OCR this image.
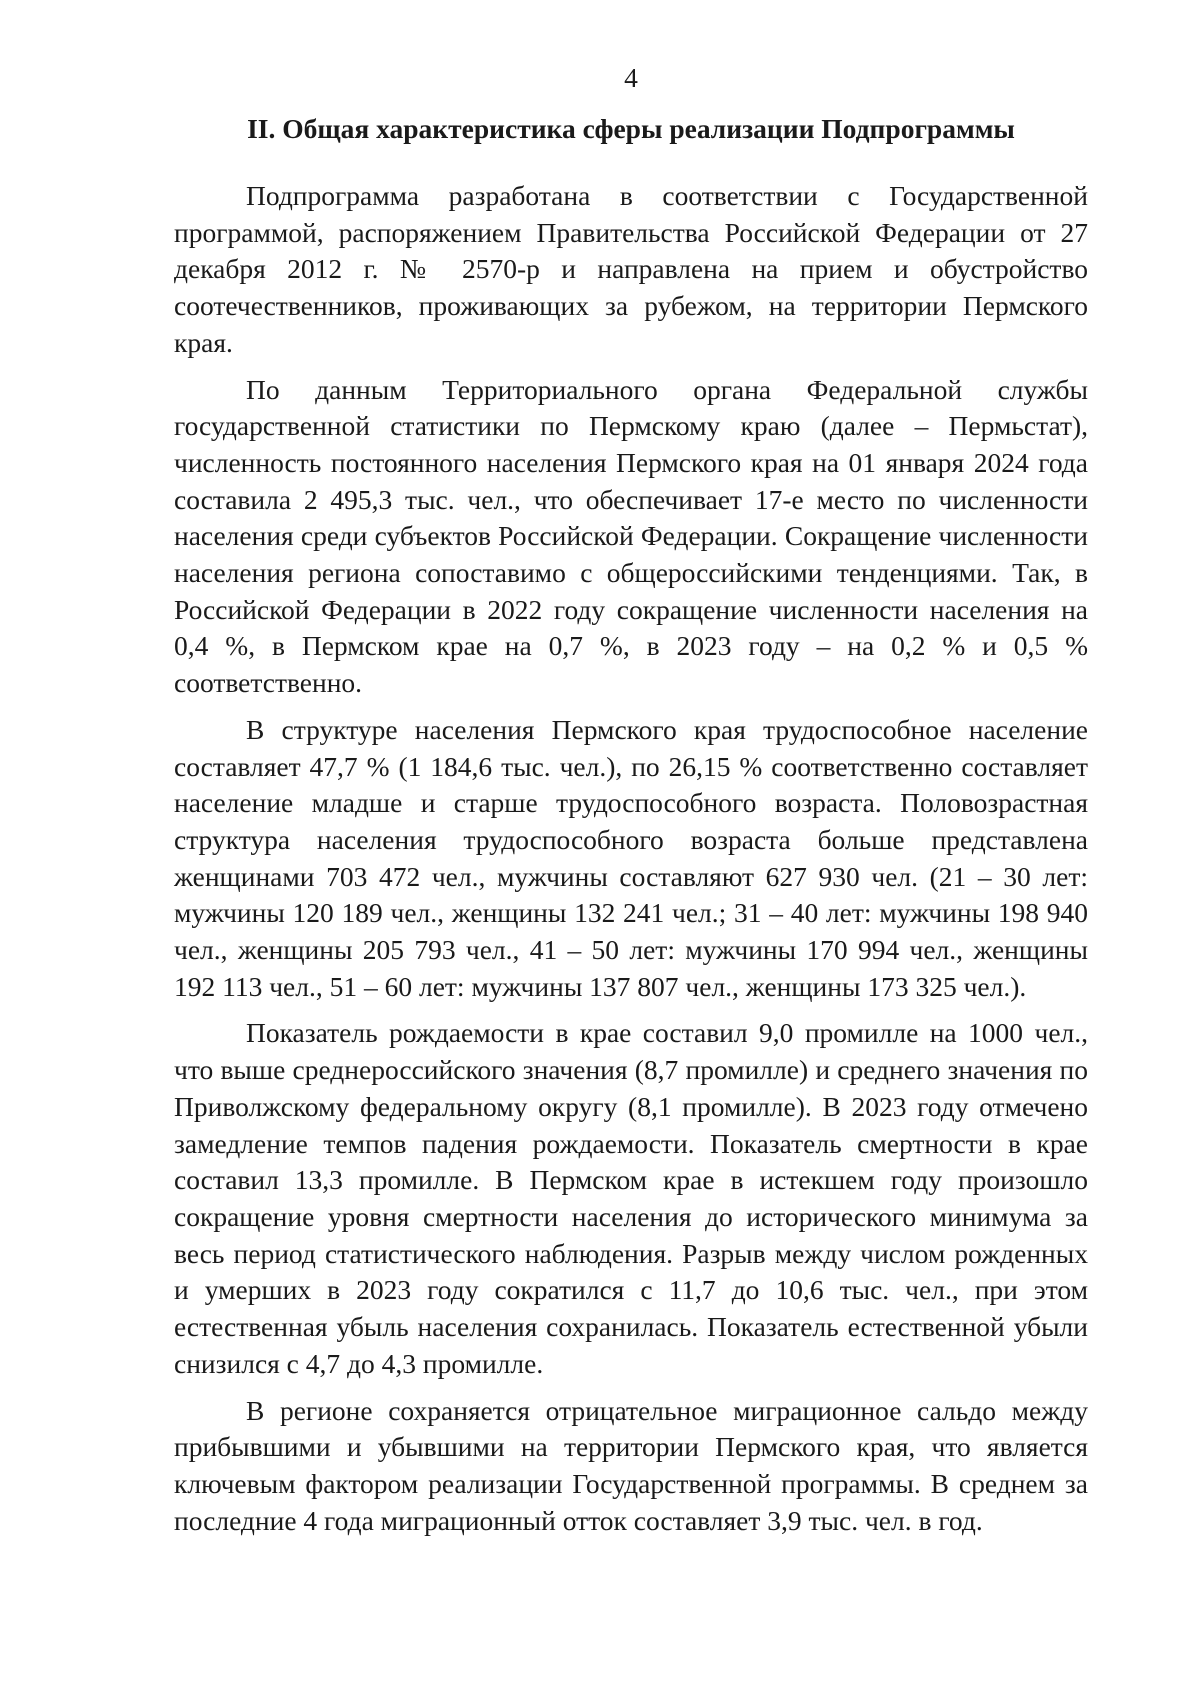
4
II. Общая характеристика сферы реализации Подпрограммы

Подпрограмма разработана в соответствии с Государственной программой, распоряжением Правительства Российской Федерации от 27 декабря 2012 г. № 2570-р и направлена на прием и обустройство соотечественников, проживающих за рубежом, на территории Пермского края.

По данным Территориального органа Федеральной службы государственной статистики по Пермскому краю (далее – Пермьстат), численность постоянного населения Пермского края на 01 января 2024 года составила 2 495,3 тыс. чел., что обеспечивает 17-е место по численности населения среди субъектов Российской Федерации. Сокращение численности населения региона сопоставимо с общероссийскими тенденциями. Так, в Российской Федерации в 2022 году сокращение численности населения на 0,4 %, в Пермском крае на 0,7 %, в 2023 году – на 0,2 % и 0,5 % соответственно.

В структуре населения Пермского края трудоспособное население составляет 47,7 % (1 184,6 тыс. чел.), по 26,15 % соответственно составляет население младше и старше трудоспособного возраста. Половозрастная структура населения трудоспособного возраста больше представлена женщинами 703 472 чел., мужчины составляют 627 930 чел. (21 – 30 лет: мужчины 120 189 чел., женщины 132 241 чел.; 31 – 40 лет: мужчины 198 940 чел., женщины 205 793 чел., 41 – 50 лет: мужчины 170 994 чел., женщины 192 113 чел., 51 – 60 лет: мужчины 137 807 чел., женщины 173 325 чел.).

Показатель рождаемости в крае составил 9,0 промилле на 1000 чел., что выше среднероссийского значения (8,7 промилле) и среднего значения по Приволжскому федеральному округу (8,1 промилле). В 2023 году отмечено замедление темпов падения рождаемости. Показатель смертности в крае составил 13,3 промилле. В Пермском крае в истекшем году произошло сокращение уровня смертности населения до исторического минимума за весь период статистического наблюдения. Разрыв между числом рожденных и умерших в 2023 году сократился с 11,7 до 10,6 тыс. чел., при этом естественная убыль населения сохранилась. Показатель естественной убыли снизился с 4,7 до 4,3 промилле.

В регионе сохраняется отрицательное миграционное сальдо между прибывшими и убывшими на территории Пермского края, что является ключевым фактором реализации Государственной программы. В среднем за последние 4 года миграционный отток составляет 3,9 тыс. чел. в год.
